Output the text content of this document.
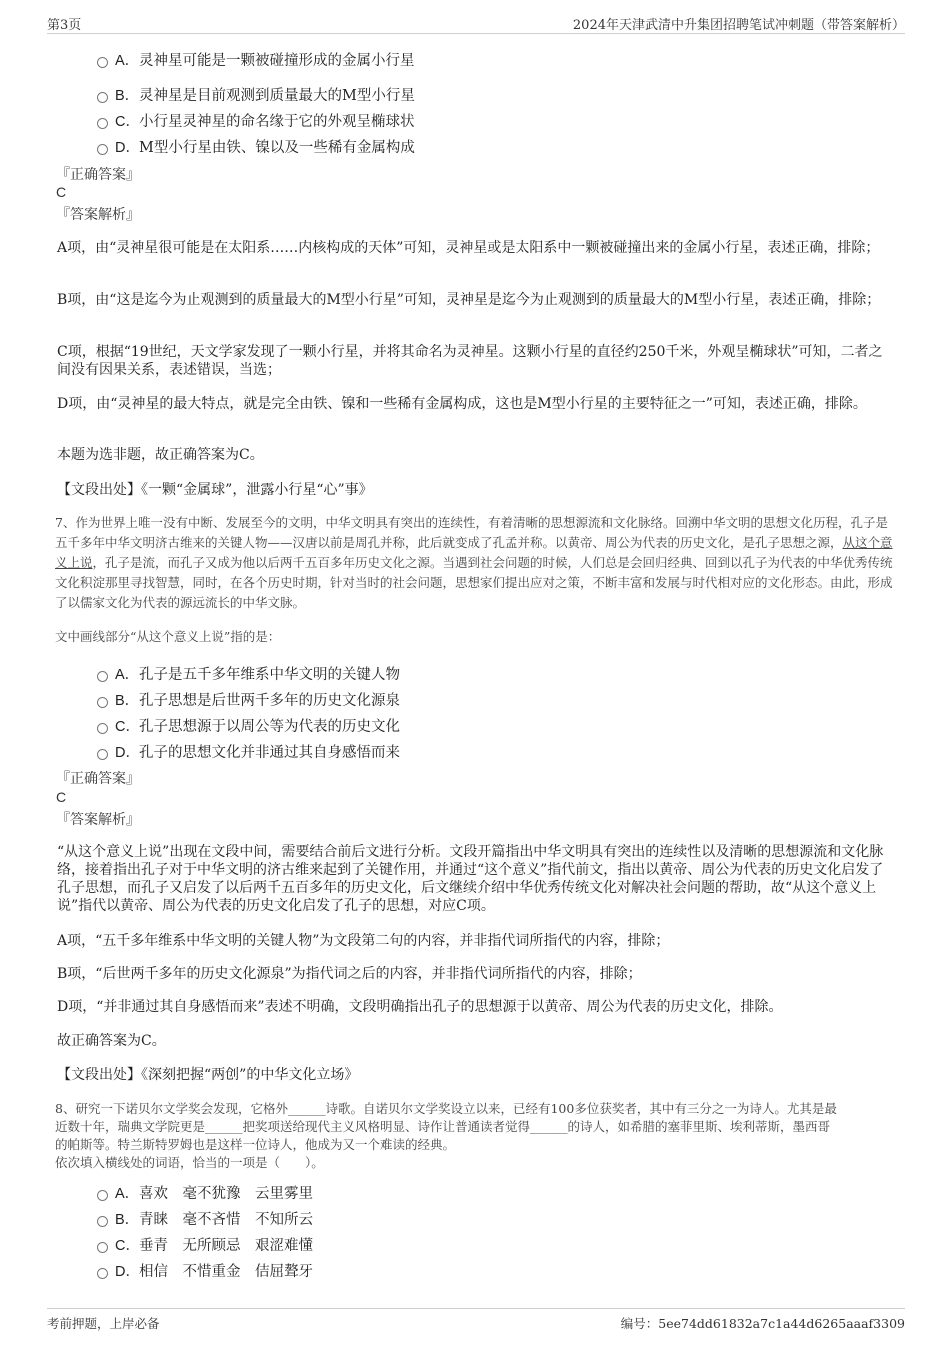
第3页	2024年天津武清中升集团招聘笔试冲刺题（带答案解析）
A． 灵神星可能是一颗被碰撞形成的金属小行星
B． 灵神星是目前观测到质量最大的M型小行星
C． 小行星灵神星的命名缘于它的外观呈椭球状
D． M型小行星由铁、镍以及一些稀有金属构成
『正确答案』
C
『答案解析』
A项，由“灵神星很可能是在太阳系……内核构成的天体”可知，灵神星或是太阳系中一颗被碰撞出来的金属小行星，表述正确，排除；
B项，由“这是迄今为止观测到的质量最大的M型小行星”可知，灵神星是迄今为止观测到的质量最大的M型小行星，表述正确，排除；
C项，根据“19世纪，天文学家发现了一颗小行星，并将其命名为灵神星。这颗小行星的直径约250千米，外观呈椭球状”可知，二者之间没有因果关系，表述错误，当选；
D项，由“灵神星的最大特点，就是完全由铁、镍和一些稀有金属构成，这也是M型小行星的主要特征之一”可知，表述正确，排除。
本题为选非题，故正确答案为C。
【文段出处】《一颗“金属球”，泄露小行星“心”事》
7、作为世界上唯一没有中断、发展至今的文明，中华文明具有突出的连续性，有着清晰的思想源流和文化脉络。回溯中华文明的思想文化历程，孔子是五千多年中华文明济古维来的关键人物——汉唐以前是周孔并称，此后就变成了孔孟并称。以黄帝、周公为代表的历史文化，是孔子思想之源，从这个意义上说，孔子是流，而孔子又成为他以后两千五百多年历史文化之源。当遇到社会问题的时候，人们总是会回归经典、回到以孔子为代表的中华优秀传统文化积淀那里寻找智慧，同时，在各个历史时期，针对当时的社会问题，思想家们提出应对之策，不断丰富和发展与时代相对应的文化形态。由此，形成了以儒家文化为代表的源远流长的中华文脉。
文中画线部分“从这个意义上说”指的是：
A． 孔子是五千多年维系中华文明的关键人物
B． 孔子思想是后世两千多年的历史文化源泉
C． 孔子思想源于以周公等为代表的历史文化
D． 孔子的思想文化并非通过其自身感悟而来
『正确答案』
C
『答案解析』
“从这个意义上说”出现在文段中间，需要结合前后文进行分析。文段开篇指出中华文明具有突出的连续性以及清晰的思想源流和文化脉络，接着指出孔子对于中华文明的济古维来起到了关键作用，并通过“这个意义”指代前文，指出以黄帝、周公为代表的历史文化启发了孔子思想，而孔子又启发了以后两千五百多年的历史文化，后文继续介绍中华优秀传统文化对解决社会问题的帮助，故“从这个意义上说”指代以黄帝、周公为代表的历史文化启发了孔子的思想，对应C项。
A项，“五千多年维系中华文明的关键人物”为文段第二句的内容，并非指代词所指代的内容，排除；
B项，“后世两千多年的历史文化源泉”为指代词之后的内容，并非指代词所指代的内容，排除；
D项，“并非通过其自身感悟而来”表述不明确，文段明确指出孔子的思想源于以黄帝、周公为代表的历史文化，排除。
故正确答案为C。
【文段出处】《深刻把握“两创”的中华文化立场》
8、研究一下诺贝尔文学奖会发现，它格外______诗歌。自诺贝尔文学奖设立以来，已经有100多位获奖者，其中有三分之一为诗人。尤其是最
近数十年，瑞典文学院更是______把奖项送给现代主义风格明显、诗作让普通读者觉得______的诗人，如希腊的塞菲里斯、埃利蒂斯，墨西哥
的帕斯等。特兰斯特罗姆也是这样一位诗人，他成为又一个难读的经典。
依次填入横线处的词语，恰当的一项是（　　）。
A． 喜欢　毫不犹豫　云里雾里
B． 青睐　毫不吝惜　不知所云
C． 垂青　无所顾忌　艰涩难懂
D． 相信　不惜重金　佶屈聱牙
考前押题，上岸必备	编号：5ee74dd61832a7c1a44d6265aaaf3309
